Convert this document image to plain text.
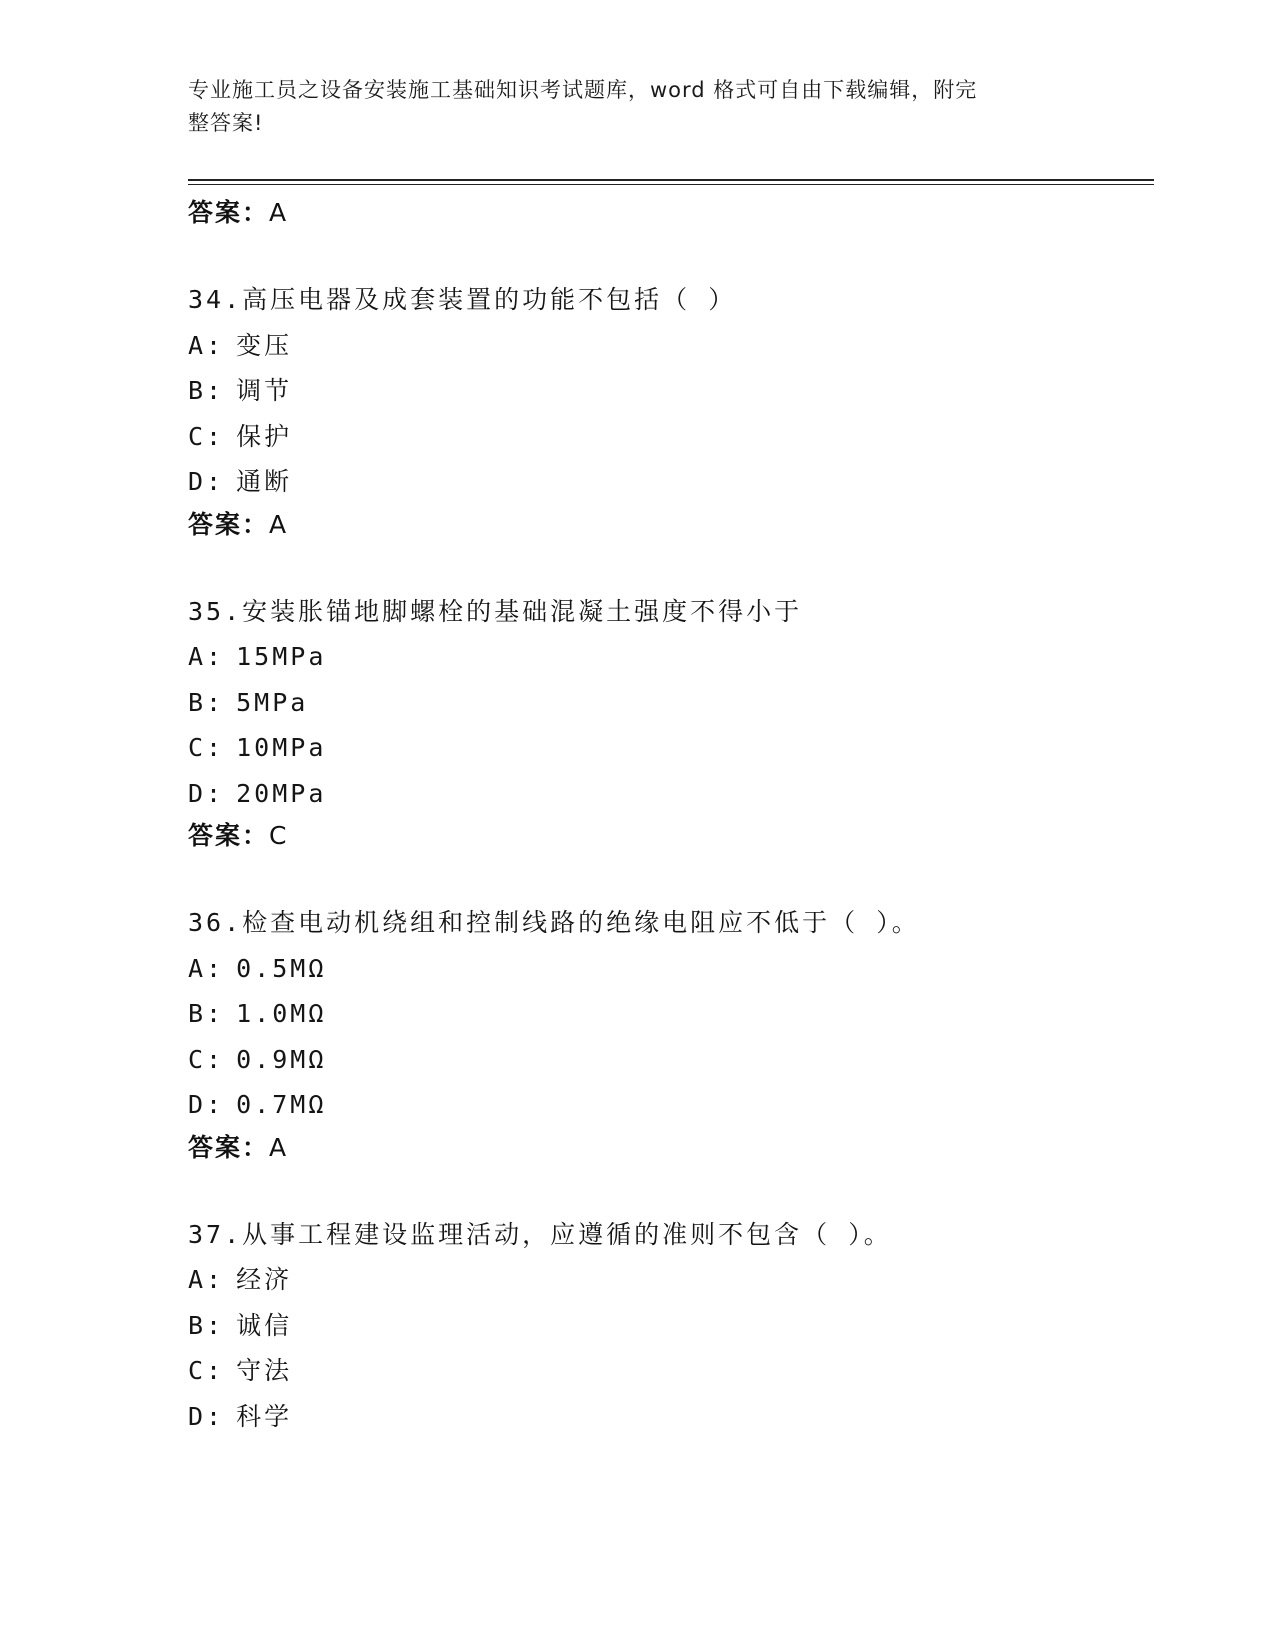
专业施工员之设备安装施工基础知识考试题库，word 格式可自由下载编辑，附完
整答案!
答案：A
34.高压电器及成套装置的功能不包括（ ）
A: 变压
B: 调节
C: 保护
D: 通断
答案：A
35.安装胀锚地脚螺栓的基础混凝土强度不得小于
A: 15MPa
B: 5MPa
C: 10MPa
D: 20MPa
答案：C
36.检查电动机绕组和控制线路的绝缘电阻应不低于（ ）。
A: 0.5MΩ
B: 1.0MΩ
C: 0.9MΩ
D: 0.7MΩ
答案：A
37.从事工程建设监理活动，应遵循的准则不包含（ ）。
A: 经济
B: 诚信
C: 守法
D: 科学
